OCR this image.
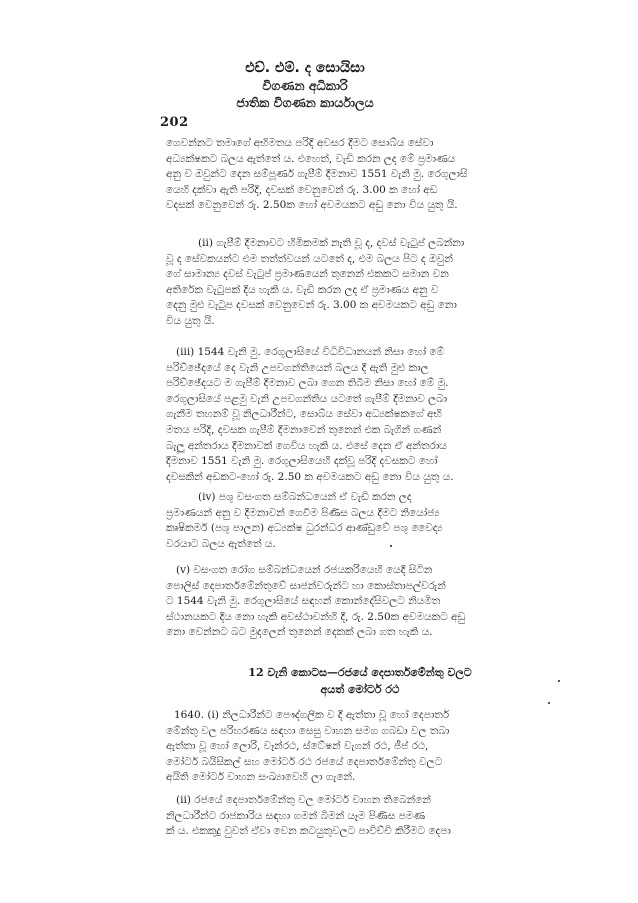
එච්. එම්. ද සොයිසා
විගණන අධිකාරි
ජාතික විගණන කාර්යාලය
202
ගෙවන්නට තමාගේ අභිමතය පරිදි අවසර දීමට සොබ්ය සේවා
අධ්‍යක්ෂකට බලය ඇත්තේ ය. එහෙත්, වැඩි කරන ලද මේ ප්‍රමාණය
අනු ව ඔවුන්ට දෙන සම්පූර්ණ ගැපීම් දීමනාව 1551 වැනි මු. රෙගුලාසි
යෙහි දක්වා ඇති පරිදි, දවසක් වෙනුවෙන් රු. 3.00 ක හෝ අඩ
වදසක් වෙනුවෙන් රු. 2.50ක හෝ අවමයකට අඩු නො විය යුතු යි.
(ii) ගැපීම් දීමනාවට හිමිකමක් නැති වූ ද, දවස් වැටුප් ලබන්නා
වූ ද සේවකයන්ට එම තත්ත්වයන් යටතේ ද, එම බලය පිට ද ඔවුන්
ගේ සාමාන්‍ය දවස් වැටුප් ප්‍රමාණයෙන් තුනෙන් එකකට සමාන වන
අතිරේක වැටුපක් දිය හැකි ය. වැඩි කරන ලද ඒ ප්‍රමාණය අනු ව
දෙනු මුළු වැටුප දවසක් වෙනුවෙන් රු. 3.00 ක අවමයකට අඩු නො
විය යුතු යි.
(iii) 1544 වැනි මු. රෙගුලාසියේ විධිවිධානයන් නිසා හෝ මේ
පරිච්ඡේදයේ දෙ වැනි උපවගන්තියෙන් බලය දී ඇති මුළු කාල
පරිච්ඡේදයට ම ගැපීම් දීමනාව ලබා ගෙන තිබීම නිසා හෝ මේ මු.
රෙගුලාසියේ පළමු වැනි උපවගන්තිය යටතේ ගැපීම් දීමනාව ලබා
ගැනීම තහනම් වූ නිලධාරීන්ට, සොබ්ය සේවා අධ්‍යක්ෂකගේ අභි
මතය පරිදි, දවසක ගැපීම් දීමනාවෙන් තුනෙන් එක බැගින් ගණන්
බැලූ අන්තරාය දීමනාවක් ගෙවිය හැකි ය. එසේ දෙන ඒ අන්තරාය
දීමනාව 1551 වැනි මු. රෙගුලාසියෙහි දක්වූ පරිදි දවසකට හෝ
දවසකින් අඩකට-හෝ රු. 2.50 ක අවමයකට අඩු නො විය යුතු ය.
(iv) පශු වසංගත සම්බන්ධයෙන් ඒ වැඩි කරන ලද
ප්‍රමාණයන් අනු ව දීමනාවන් ගෙවීම පිණිස බලය දීමට නියෝජ්‍ය
කෘෂිකර්ම (පශු පාලන) අධ්‍යක්ෂ ධුරන්ධර ආණ්ඩුවේ පශු වෛද්‍ය
වරයාට බලය ඇත්තේ ය.
(v) වසංගත රෝග සම්බන්ධයෙන් රජයකරියෙහි යෙදී සිටින
පොලිස් දෙපාර්තමේන්තුවේ සාජන්වරුන්ට හා කොස්තාපල්වරුන්
ට 1544 වැනි මු. රෙගුලාසියේ සඳහන් කොන්දේසිවලට නියමිත
ස්ථානයකට දිය නො හැකි අවස්ථාවන්හි දී, රු. 2.50ක අවමයකට අඩු
නො වෙන්නට බට මුදලෙන් තුනෙන් දෙකක් ලබා ගත හැකි ය.
12 වැනි කොටස—රජයේ දෙපාර්තමේන්තු වලට
අයත් මෝටර් රථ
1640. (i) නිලධාරීන්ට පෞද්ගලික ව දී ඇත්තා වූ හෝ දෙපාර්ත
මේන්තු වල පරිහරණය සඳහා සෙසු වාහන සමග ගබඩා වල තබා
ඇත්තා වූ හෝ ලොරි, වෑන්රථ, ස්ටේෂන් වැගන් රථ, ජීප් රථ,
මෝටර් බයිසිකල් සහ මෝටර් රථ රජයේ දෙපාර්තමේන්තු වලට
අයිති මෝටර් වාහන සංඛ්‍යාවෙහි ලා ගැනේ.
(ii) රජයේ දෙපාර්තමේන්තු වල මෝටර් වාහන තිබෙන්නේ
නිලධාරීන්ට රාජකාරිය සඳහා ගමන් බිමන් යෑම පිණිස පමණ
ක් ය. එකකුදු වුවත් ඒවා වෙන කටයුතුවලට පාවිච්චි කිරීමට දෙපා
